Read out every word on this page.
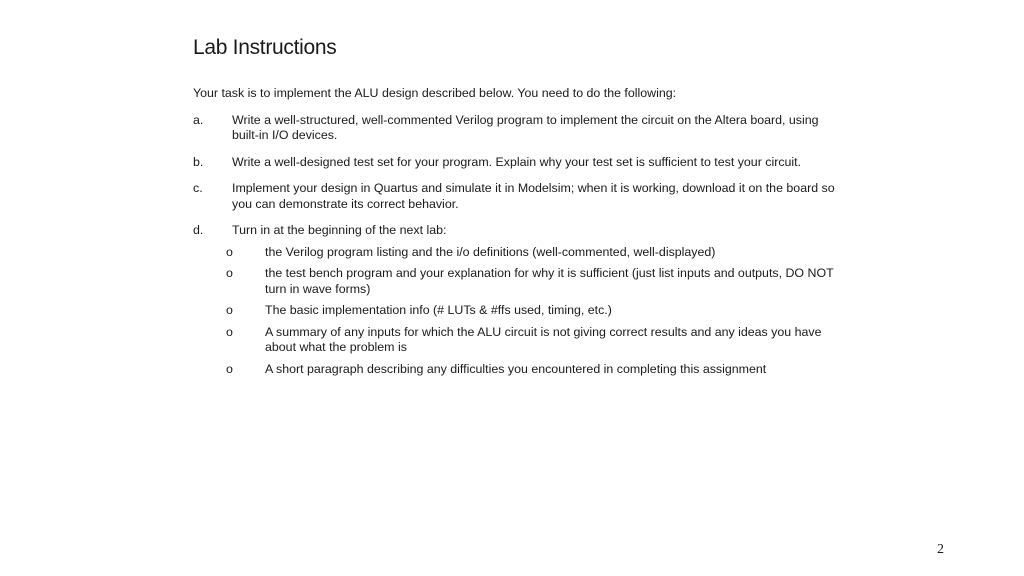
Lab Instructions

Your task is to implement the ALU design described below. You need to do the following:

a. Write a well-structured, well-commented Verilog program to implement the circuit on the Altera board, using built-in I/O devices.
b. Write a well-designed test set for your program. Explain why your test set is sufficient to test your circuit.
c. Implement your design in Quartus and simulate it in Modelsim; when it is working, download it on the board so you can demonstrate its correct behavior.
d. Turn in at the beginning of the next lab:
o	the Verilog program listing and the i/o definitions (well-commented, well-displayed)
o	the test bench program and your explanation for why it is sufficient (just list inputs and outputs, DO NOT turn in wave forms)
o	The basic implementation info (# LUTs & #ffs used, timing, etc.)
o	A summary of any inputs for which the ALU circuit is not giving correct results and any ideas you have about what the problem is
o	A short paragraph describing any difficulties you encountered in completing this assignment
2
